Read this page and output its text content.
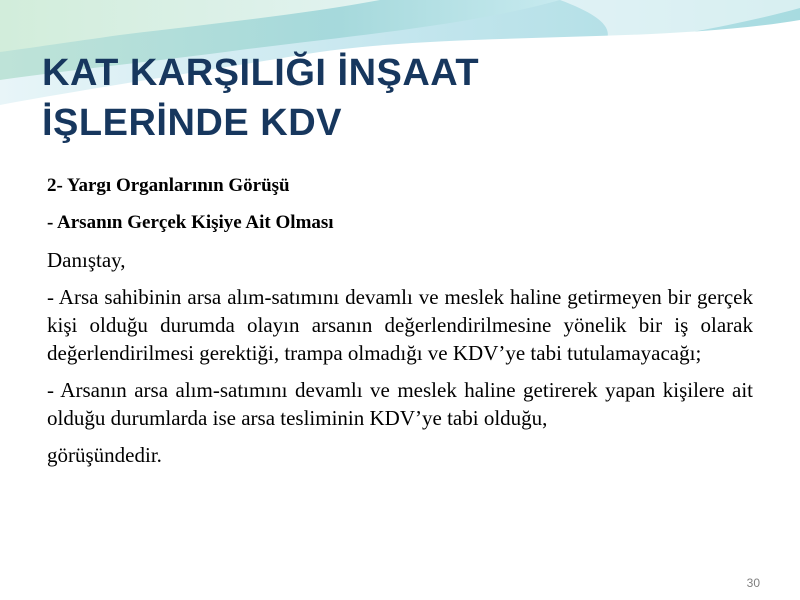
KAT KARŞILIĞI İNŞAAT
İŞLERİNDE KDV

2- Yargı Organlarının Görüşü

- Arsanın Gerçek Kişiye Ait Olması

Danıştay,

- Arsa sahibinin arsa alım-satımını devamlı ve meslek haline getirmeyen bir gerçek kişi olduğu durumda olayın arsanın değerlendirilmesine yönelik bir iş olarak değerlendirilmesi gerektiği, trampa olmadığı ve KDV’ye tabi tutulamayacağı;

- Arsanın arsa alım-satımını devamlı ve meslek haline getirerek yapan kişilere ait olduğu durumlarda ise arsa tesliminin KDV’ye tabi olduğu,

görüşündedir.

30
